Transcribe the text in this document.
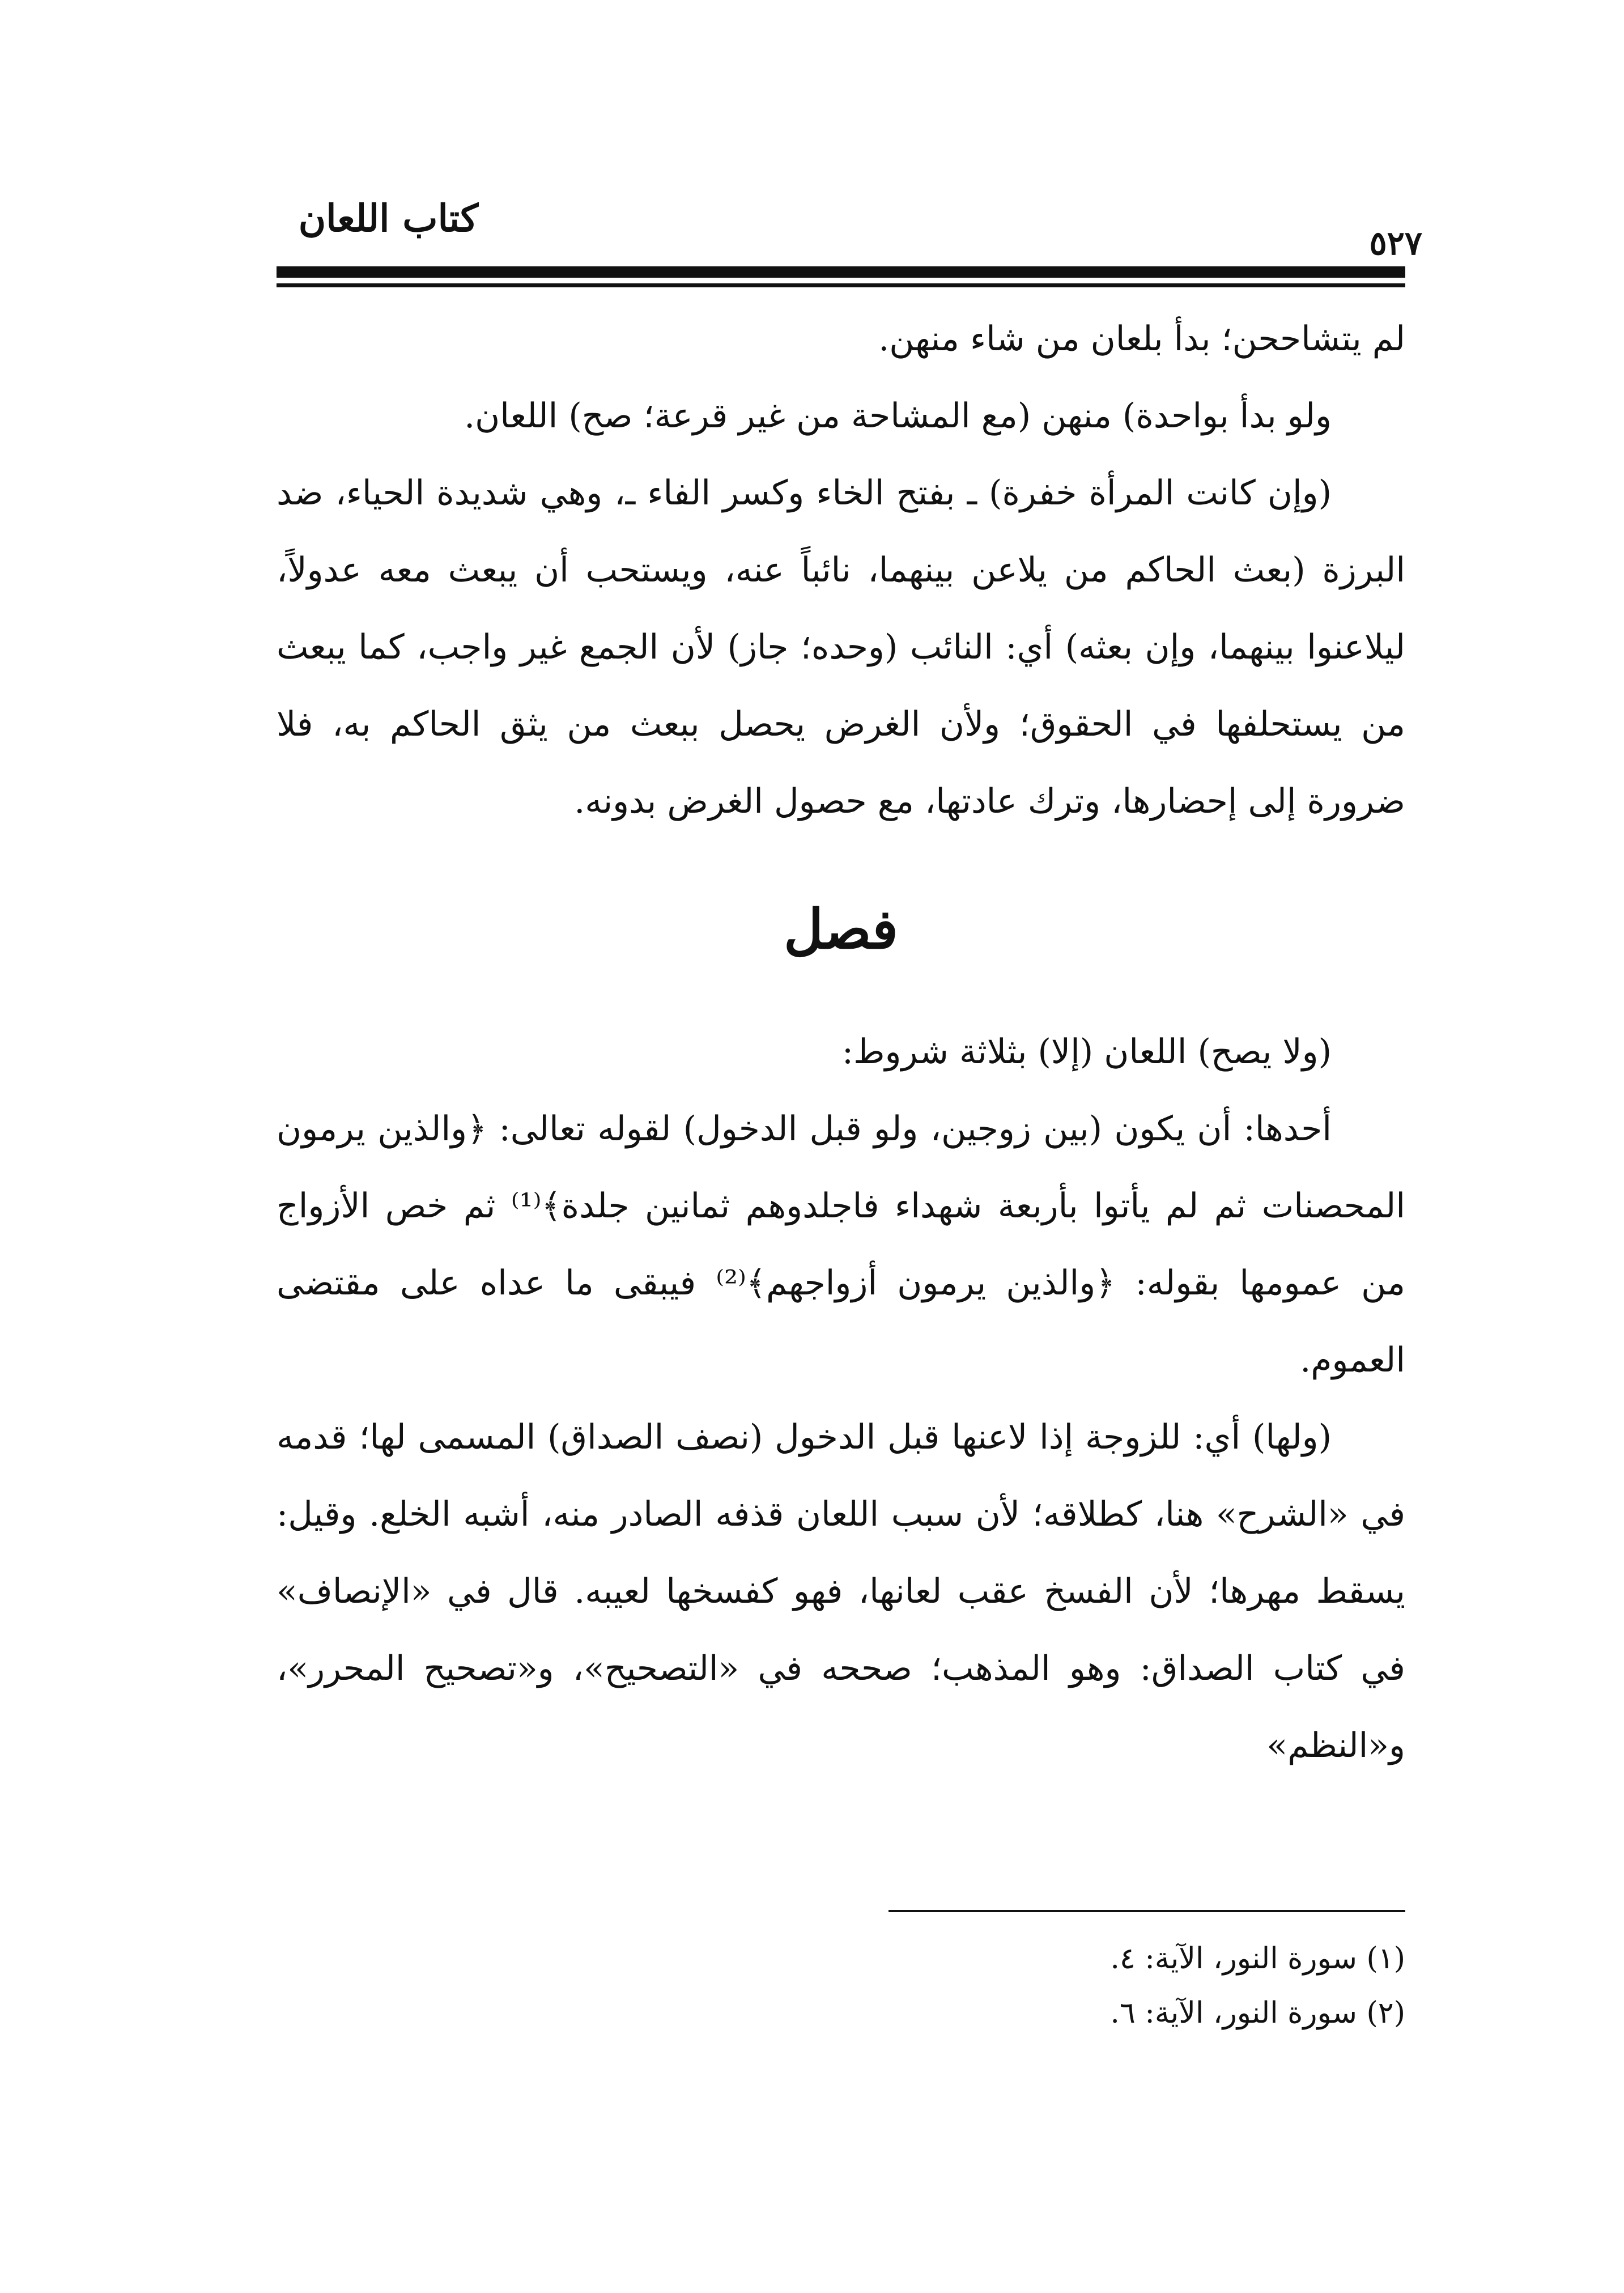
كتاب اللعان
٥٢٧

لم يتشاححن؛ بدأ بلعان من شاء منهن.

ولو بدأ بواحدة) منهن (مع المشاحة من غير قرعة؛ صح) اللعان.

(وإن كانت المرأة خفرة) ـ بفتح الخاء وكسر الفاء ـ، وهي شديدة الحياء، ضد البرزة (بعث الحاكم من يلاعن بينهما، نائباً عنه، ويستحب أن يبعث معه عدولاً، ليلاعنوا بينهما، وإن بعثه) أي: النائب (وحده؛ جاز) لأن الجمع غير واجب، كما يبعث من يستحلفها في الحقوق؛ ولأن الغرض يحصل ببعث من يثق الحاكم به، فلا ضرورة إلى إحضارها، وترك عادتها، مع حصول الغرض بدونه.

فصل

(ولا يصح) اللعان (إلا) بثلاثة شروط:

أحدها: أن يكون (بين زوجين، ولو قبل الدخول) لقوله تعالى: ﴿والذين يرمون المحصنات ثم لم يأتوا بأربعة شهداء فاجلدوهم ثمانين جلدة﴾⁽¹⁾ ثم خص الأزواج من عمومها بقوله: ﴿والذين يرمون أزواجهم﴾⁽²⁾ فيبقى ما عداه على مقتضى العموم.

(ولها) أي: للزوجة إذا لاعنها قبل الدخول (نصف الصداق) المسمى لها؛ قدمه في «الشرح» هنا، كطلاقه؛ لأن سبب اللعان قذفه الصادر منه، أشبه الخلع. وقيل: يسقط مهرها؛ لأن الفسخ عقب لعانها، فهو كفسخها لعيبه. قال في «الإنصاف» في كتاب الصداق: وهو المذهب؛ صححه في «التصحيح»، و«تصحيح المحرر»، و«النظم»

(١) سورة النور، الآية: ٤.

(٢) سورة النور، الآية: ٦.
